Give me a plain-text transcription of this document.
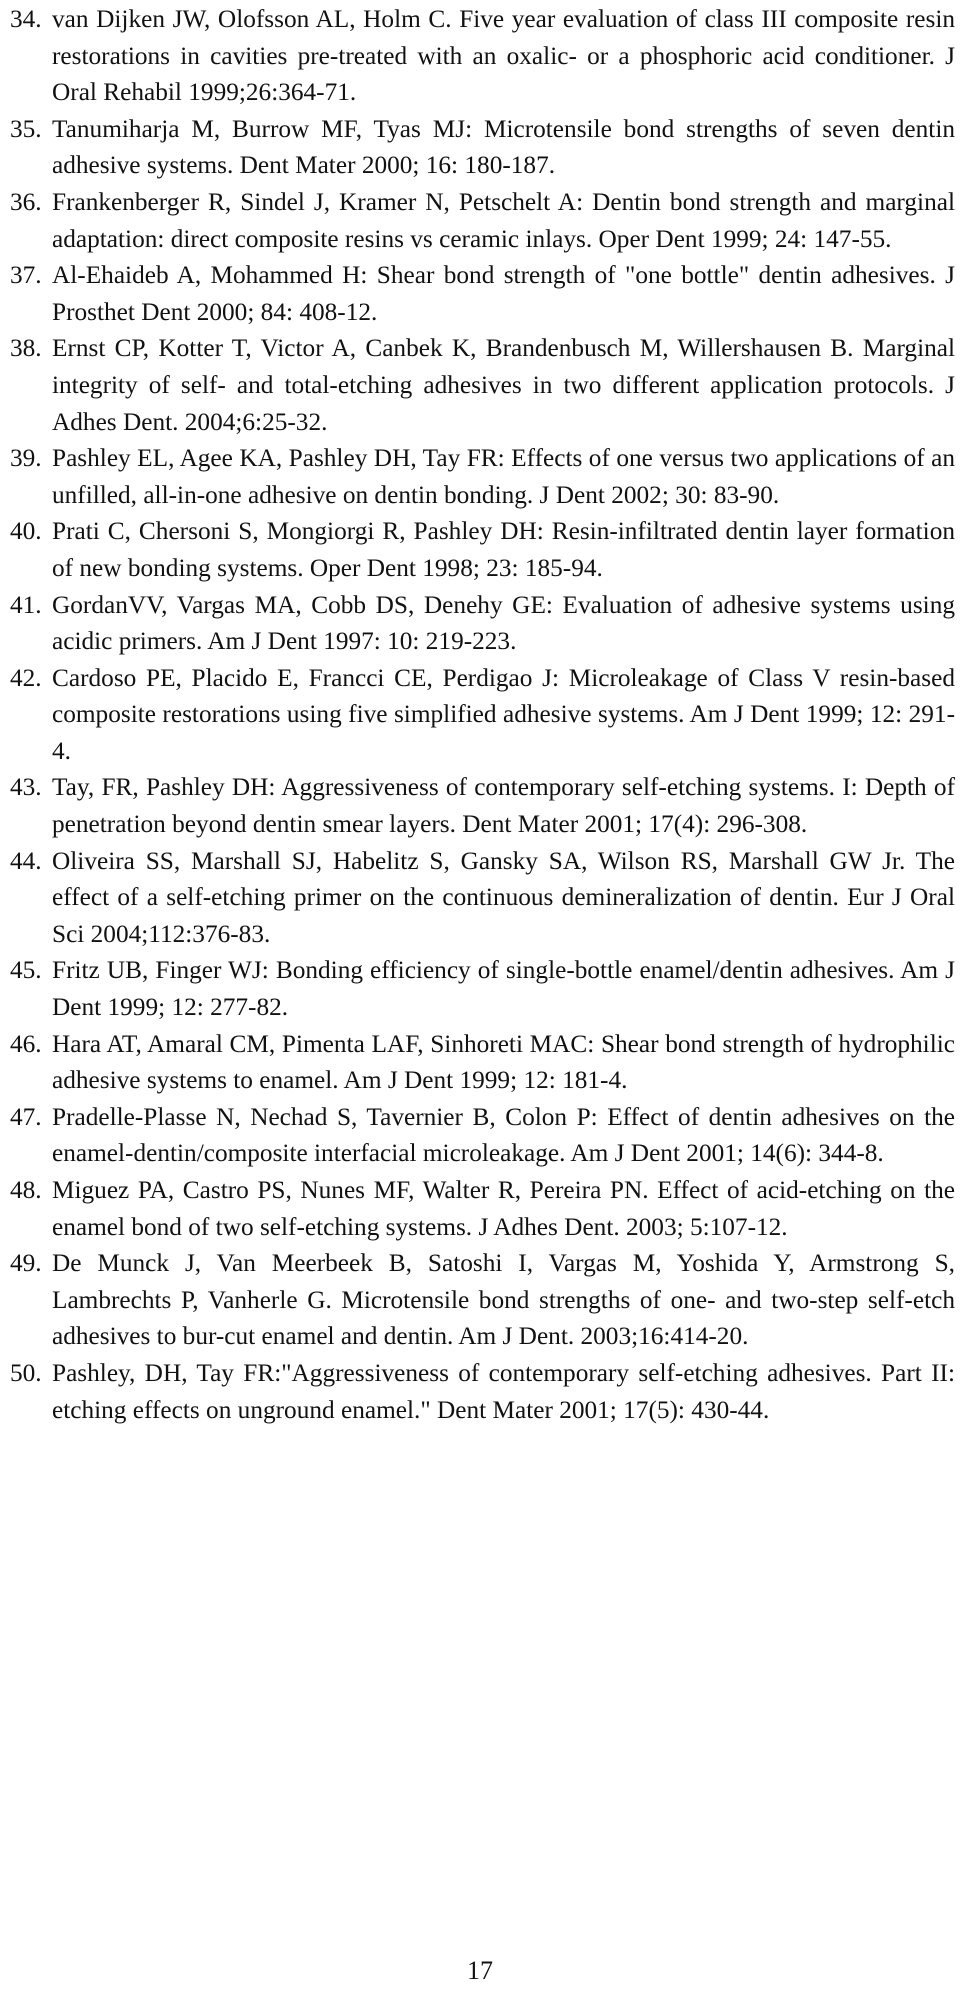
34. van Dijken JW, Olofsson AL, Holm C. Five year evaluation of class III composite resin restorations in cavities pre-treated with an oxalic- or a phosphoric acid conditioner. J Oral Rehabil 1999;26:364-71.
35. Tanumiharja M, Burrow MF, Tyas MJ: Microtensile bond strengths of seven dentin adhesive systems. Dent Mater 2000; 16: 180-187.
36. Frankenberger R, Sindel J, Kramer N, Petschelt A: Dentin bond strength and marginal adaptation: direct composite resins vs ceramic inlays. Oper Dent 1999; 24: 147-55.
37. Al-Ehaideb A, Mohammed H: Shear bond strength of "one bottle" dentin adhesives. J Prosthet Dent 2000; 84: 408-12.
38. Ernst CP, Kotter T, Victor A, Canbek K, Brandenbusch M, Willershausen B. Marginal integrity of self- and total-etching adhesives in two different application protocols. J Adhes Dent. 2004;6:25-32.
39. Pashley EL, Agee KA, Pashley DH, Tay FR: Effects of one versus two applications of an unfilled, all-in-one adhesive on dentin bonding. J Dent 2002; 30: 83-90.
40. Prati C, Chersoni S, Mongiorgi R, Pashley DH: Resin-infiltrated dentin layer formation of new bonding systems. Oper Dent 1998; 23: 185-94.
41. GordanVV, Vargas MA, Cobb DS, Denehy GE: Evaluation of adhesive systems using acidic primers. Am J Dent 1997: 10: 219-223.
42. Cardoso PE, Placido E, Francci CE, Perdigao J: Microleakage of Class V resin-based composite restorations using five simplified adhesive systems. Am J Dent 1999; 12: 291-4.
43. Tay, FR, Pashley DH: Aggressiveness of contemporary self-etching systems. I: Depth of penetration beyond dentin smear layers. Dent Mater 2001; 17(4): 296-308.
44. Oliveira SS, Marshall SJ, Habelitz S, Gansky SA, Wilson RS, Marshall GW Jr. The effect of a self-etching primer on the continuous demineralization of dentin. Eur J Oral Sci 2004;112:376-83.
45. Fritz UB, Finger WJ: Bonding efficiency of single-bottle enamel/dentin adhesives. Am J Dent 1999; 12: 277-82.
46. Hara AT, Amaral CM, Pimenta LAF, Sinhoreti MAC: Shear bond strength of hydrophilic adhesive systems to enamel. Am J Dent 1999; 12: 181-4.
47. Pradelle-Plasse N, Nechad S, Tavernier B, Colon P: Effect of dentin adhesives on the enamel-dentin/composite interfacial microleakage. Am J Dent 2001; 14(6): 344-8.
48. Miguez PA, Castro PS, Nunes MF, Walter R, Pereira PN. Effect of acid-etching on the enamel bond of two self-etching systems. J Adhes Dent. 2003; 5:107-12.
49. De Munck J, Van Meerbeek B, Satoshi I, Vargas M, Yoshida Y, Armstrong S, Lambrechts P, Vanherle G. Microtensile bond strengths of one- and two-step self-etch adhesives to bur-cut enamel and dentin. Am J Dent. 2003;16:414-20.
50. Pashley, DH, Tay FR:"Aggressiveness of contemporary self-etching adhesives. Part II: etching effects on unground enamel." Dent Mater 2001; 17(5): 430-44.
17
